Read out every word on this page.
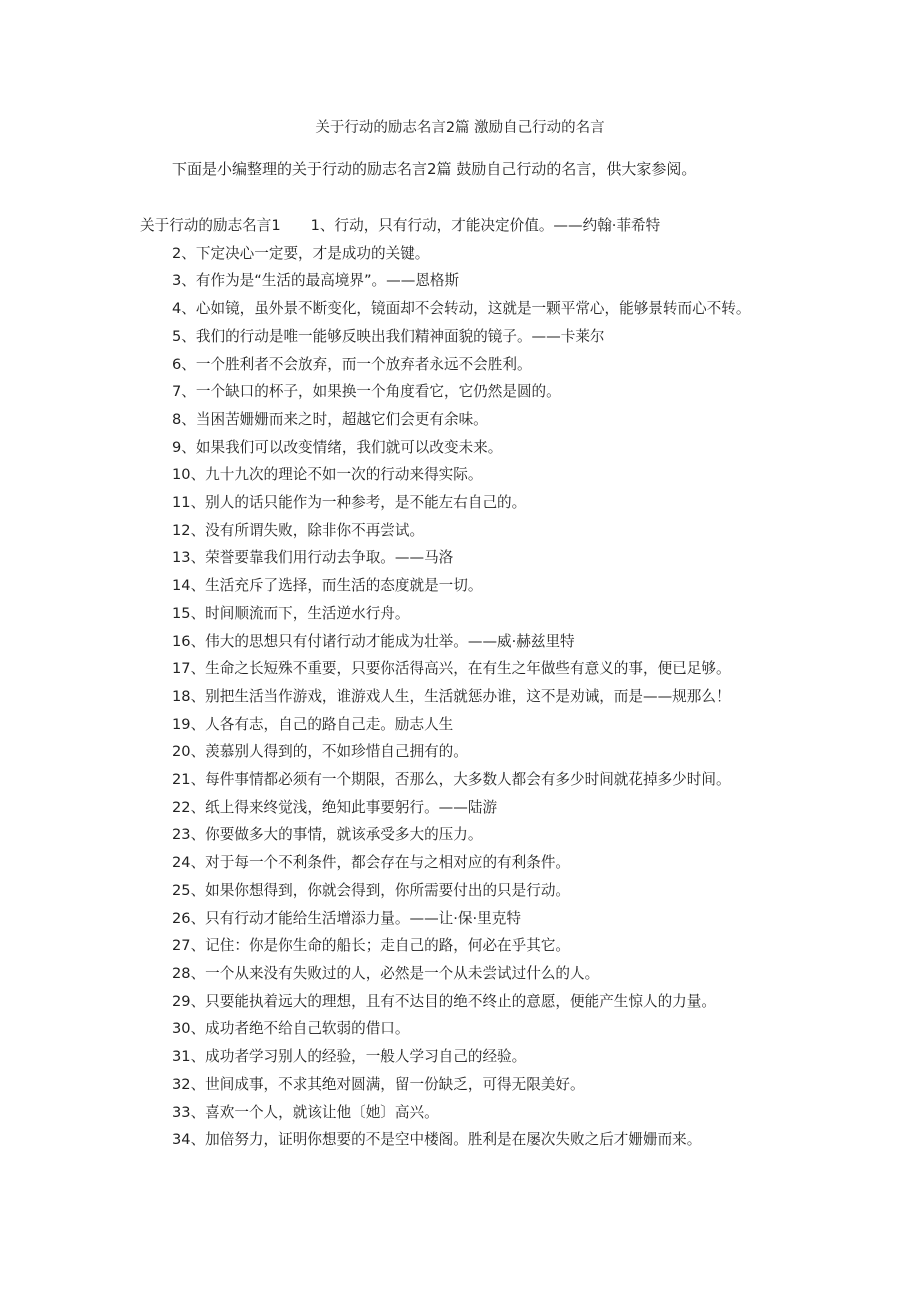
关于行动的励志名言2篇 激励自己行动的名言
下面是小编整理的关于行动的励志名言2篇 鼓励自己行动的名言，供大家参阅。

关于行动的励志名言1 1、行动，只有行动，才能决定价值。——约翰·菲希特

2、下定决心一定要，才是成功的关键。

3、有作为是“生活的最高境界”。——恩格斯

4、心如镜，虽外景不断变化，镜面却不会转动，这就是一颗平常心，能够景转而心不转。

5、我们的行动是唯一能够反映出我们精神面貌的镜子。——卡莱尔

6、一个胜利者不会放弃，而一个放弃者永远不会胜利。

7、一个缺口的杯子，如果换一个角度看它，它仍然是圆的。

8、当困苦姗姗而来之时，超越它们会更有余味。

9、如果我们可以改变情绪，我们就可以改变未来。

10、九十九次的理论不如一次的行动来得实际。

11、别人的话只能作为一种参考，是不能左右自己的。

12、没有所谓失败，除非你不再尝试。

13、荣誉要靠我们用行动去争取。——马洛

14、生活充斥了选择，而生活的态度就是一切。

15、时间顺流而下，生活逆水行舟。

16、伟大的思想只有付诸行动才能成为壮举。——威·赫兹里特

17、生命之长短殊不重要，只要你活得高兴，在有生之年做些有意义的事，便已足够。

18、别把生活当作游戏，谁游戏人生，生活就惩办谁，这不是劝诫，而是——规那么！

19、人各有志，自己的路自己走。励志人生

20、羡慕别人得到的，不如珍惜自己拥有的。

21、每件事情都必须有一个期限，否那么，大多数人都会有多少时间就花掉多少时间。

22、纸上得来终觉浅，绝知此事要躬行。——陆游

23、你要做多大的事情，就该承受多大的压力。

24、对于每一个不利条件，都会存在与之相对应的有利条件。

25、如果你想得到，你就会得到，你所需要付出的只是行动。

26、只有行动才能给生活增添力量。——让·保·里克特

27、记住：你是你生命的船长；走自己的路，何必在乎其它。

28、一个从来没有失败过的人，必然是一个从未尝试过什么的人。

29、只要能执着远大的理想，且有不达目的绝不终止的意愿，便能产生惊人的力量。

30、成功者绝不给自己软弱的借口。

31、成功者学习别人的经验，一般人学习自己的经验。

32、世间成事，不求其绝对圆满，留一份缺乏，可得无限美好。

33、喜欢一个人，就该让他〔她〕高兴。

34、加倍努力，证明你想要的不是空中楼阁。胜利是在屡次失败之后才姗姗而来。
